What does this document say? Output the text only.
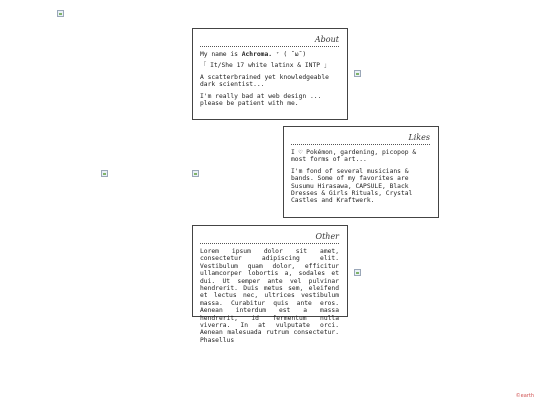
About

My name is Achroma. ⁺ ( ˘ω˘)

「 It/She 17 white latinx & INTP 」

A scatterbrained yet knowledgeable dark scientist...

I'm really bad at web design ... please be patient with me.

Likes

I ♡ Pokémon, gardening, picopop & most forms of art...

I'm fond of several musicians & bands. Some of my favorites are Susumu Hirasawa, CAPSULE, Black Dresses & Girls Rituals, Crystal Castles and Kraftwerk.

Other

Lorem ipsum dolor sit amet, consectetur adipiscing elit. Vestibulum quam dolor, efficitur ullamcorper lobortis a, sodales et dui. Ut semper ante vel pulvinar hendrerit. Duis metus sem, eleifend et lectus nec, ultrices vestibulum massa. Curabitur quis ante eros. Aenean interdum est a massa hendrerit, id fermentum nulla viverra. In at vulputate orci. Aenean malesuada rutrum consectetur. Phasellus

©earth
